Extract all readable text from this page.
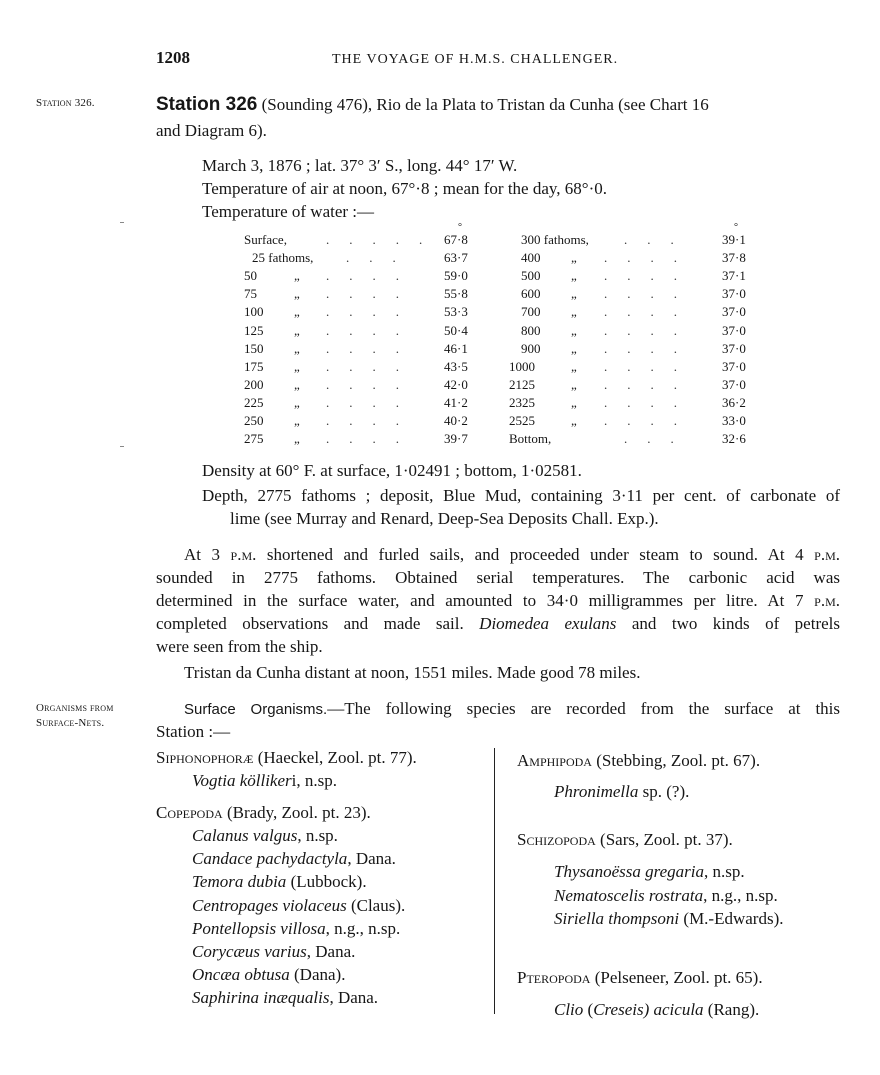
1208	THE VOYAGE OF H.M.S. CHALLENGER.
Station 326.
Organisms from
Surface-Nets.
Station 326 (Sounding 476), Rio de la Plata to Tristan da Cunha (see Chart 16
and Diagram 6).
March 3, 1876 ; lat. 37° 3′ S., long. 44° 17′ W.
Temperature of air at noon, 67°·8 ; mean for the day, 68°·0.
Temperature of water :—
°	°
Surface,	..... 67·8
25 fathoms,	... 63·7
50	„ .... 59·0
75	„ .... 55·8
100 „ .... 53·3
125 „ .... 50·4
150 „ .... 46·1
175 „ .... 43·5
200 „ .... 42·0
225 „ .... 41·2
250 „ .... 40·2
275 „ .... 39·7
300 fathoms,	... 39·1
400 „ .... 37·8
500 „ .... 37·1
600 „ .... 37·0
700 „ .... 37·0
800 „ .... 37·0
900 „ .... 37·0
1000	„ .... 37·0
2125	„ .... 37·0
2325	„ .... 36·2
2525	„ .... 33·0
Bottom,	... 32·6
Density at 60° F. at surface, 1·02491 ; bottom, 1·02581.
Depth, 2775 fathoms ; deposit, Blue Mud, containing 3·11 per cent. of carbonate of
lime (see Murray and Renard, Deep-Sea Deposits Chall. Exp.).
At 3 p.m. shortened and furled sails, and proceeded under steam to sound. At 4 p.m.
sounded in 2775 fathoms. Obtained serial temperatures. The carbonic acid was
determined in the surface water, and amounted to 34·0 milligrammes per litre. At 7 p.m.
completed observations and made sail. Diomedea exulans and two kinds of petrels
were seen from the ship.
Tristan da Cunha distant at noon, 1551 miles. Made good 78 miles.
Surface Organisms.—The following species are recorded from the surface at this
Station :—
Siphonophoræ (Haeckel, Zool. pt. 77).
Vogtia köllikeri, n.sp.
Copepoda (Brady, Zool. pt. 23).
Calanus valgus, n.sp.
Candace pachydactyla, Dana.
Temora dubia (Lubbock).
Centropages violaceus (Claus).
Pontellopsis villosa, n.g., n.sp.
Corycæus varius, Dana.
Oncæa obtusa (Dana).
Saphirina inæqualis, Dana.
Amphipoda (Stebbing, Zool. pt. 67).
Phronimella sp. (?).
Schizopoda (Sars, Zool. pt. 37).
Thysanoëssa gregaria, n.sp.
Nematoscelis rostrata, n.g., n.sp.
Siriella thompsoni (M.-Edwards).
Pteropoda (Pelseneer, Zool. pt. 65).
Clio (Creseis) acicula (Rang).
